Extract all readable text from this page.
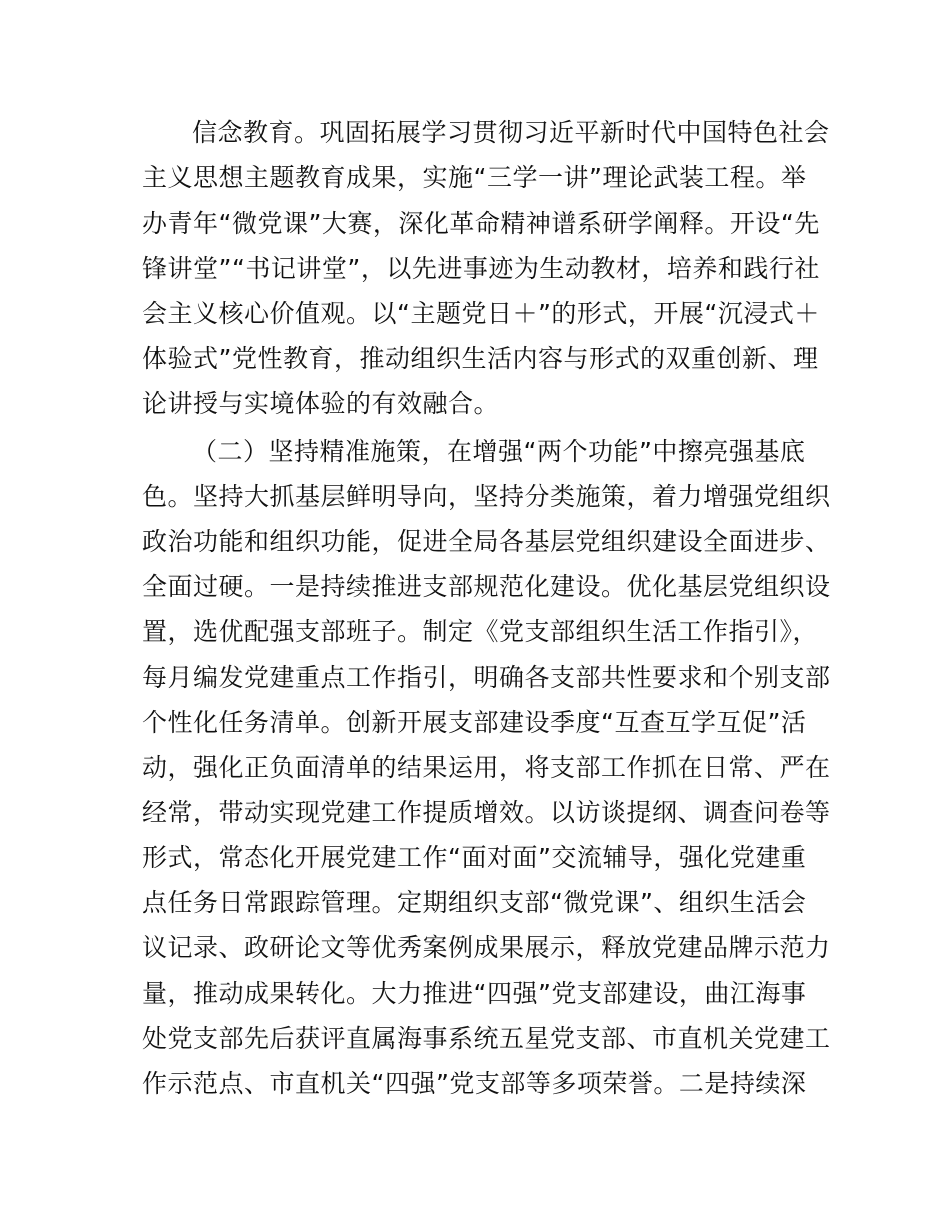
信念教育。巩固拓展学习贯彻习近平新时代中国特色社会
主义思想主题教育成果，实施“三学一讲”理论武装工程。举
办青年“微党课”大赛，深化革命精神谱系研学阐释。开设“先
锋讲堂”“书记讲堂”，以先进事迹为生动教材，培养和践行社
会主义核心价值观。以“主题党日＋”的形式，开展“沉浸式＋
体验式”党性教育，推动组织生活内容与形式的双重创新、理
论讲授与实境体验的有效融合。
（二）坚持精准施策，在增强“两个功能”中擦亮强基底
色。坚持大抓基层鲜明导向，坚持分类施策，着力增强党组织
政治功能和组织功能，促进全局各基层党组织建设全面进步、
全面过硬。一是持续推进支部规范化建设。优化基层党组织设
置，选优配强支部班子。制定《党支部组织生活工作指引》，
每月编发党建重点工作指引，明确各支部共性要求和个别支部
个性化任务清单。创新开展支部建设季度“互查互学互促”活
动，强化正负面清单的结果运用，将支部工作抓在日常、严在
经常，带动实现党建工作提质增效。以访谈提纲、调查问卷等
形式，常态化开展党建工作“面对面”交流辅导，强化党建重
点任务日常跟踪管理。定期组织支部“微党课”、组织生活会
议记录、政研论文等优秀案例成果展示，释放党建品牌示范力
量，推动成果转化。大力推进“四强”党支部建设，曲江海事
处党支部先后获评直属海事系统五星党支部、市直机关党建工
作示范点、市直机关“四强”党支部等多项荣誉。二是持续深
